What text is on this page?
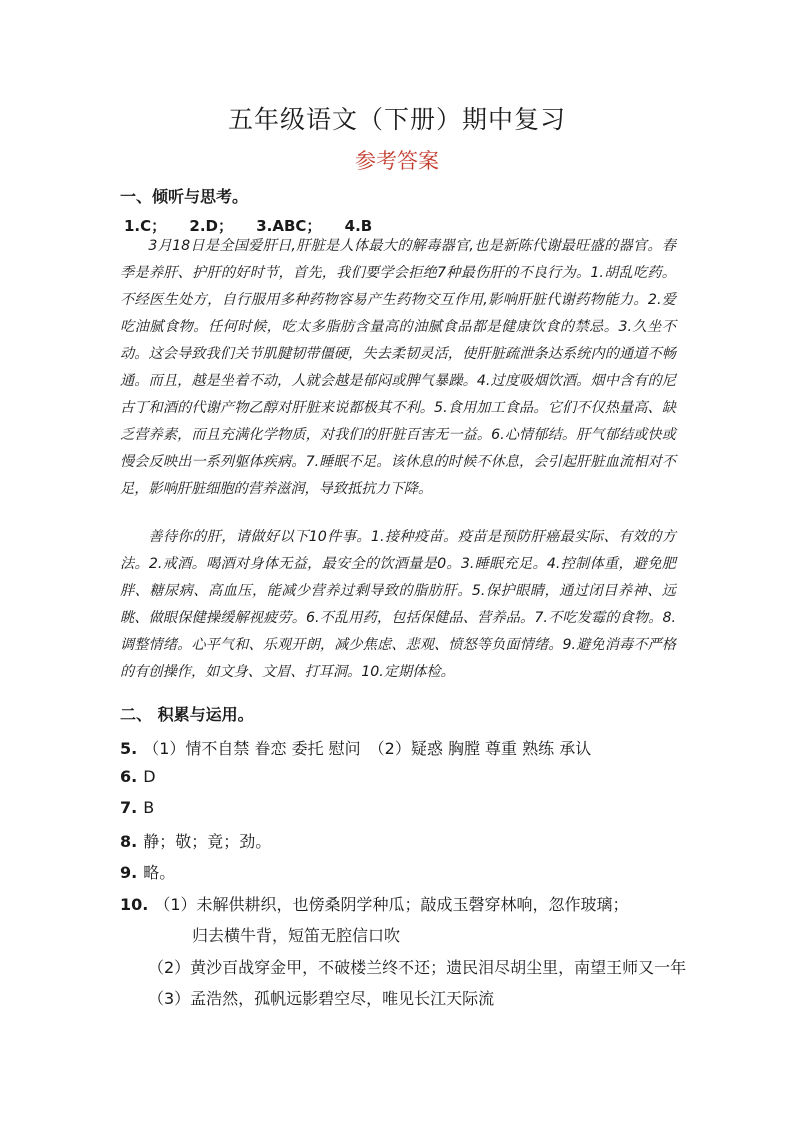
五年级语文（下册）期中复习
参考答案
一、倾听与思考。
1.C； 2.D； 3.ABC； 4.B

3月18日是全国爱肝日,肝脏是人体最大的解毒器官,也是新陈代谢最旺盛的器官。春季是养肝、护肝的好时节，首先，我们要学会拒绝7种最伤肝的不良行为。1.胡乱吃药。不经医生处方，自行服用多种药物容易产生药物交互作用,影响肝脏代谢药物能力。2.爱吃油腻食物。任何时候，吃太多脂肪含量高的油腻食品都是健康饮食的禁忌。3.久坐不动。这会导致我们关节肌腱韧带僵硬，失去柔韧灵活，使肝脏疏泄条达系统内的通道不畅通。而且，越是坐着不动，人就会越是郁闷或脾气暴躁。4.过度吸烟饮酒。烟中含有的尼古丁和酒的代谢产物乙醇对肝脏来说都极其不利。5.食用加工食品。它们不仅热量高、缺乏营养素，而且充满化学物质，对我们的肝脏百害无一益。6.心情郁结。肝气郁结或快或慢会反映出一系列躯体疾病。7.睡眠不足。该休息的时候不休息，会引起肝脏血流相对不足，影响肝脏细胞的营养滋润，导致抵抗力下降。

善待你的肝，请做好以下10件事。1.接种疫苗。疫苗是预防肝癌最实际、有效的方法。2.戒酒。喝酒对身体无益，最安全的饮酒量是0。3.睡眠充足。4.控制体重，避免肥胖、糖尿病、高血压，能减少营养过剩导致的脂肪肝。5.保护眼睛，通过闭目养神、远眺、做眼保健操缓解视疲劳。6.不乱用药，包括保健品、营养品。7.不吃发霉的食物。8.调整情绪。心平气和、乐观开朗，减少焦虑、悲观、愤怒等负面情绪。9.避免消毒不严格的有创操作，如文身、文眉、打耳洞。10.定期体检。

二、 积累与运用。
5. （1）情不自禁 眷恋 委托 慰问 （2）疑惑 胸膛 尊重 熟练 承认
6. D
7. B
8. 静；敬；竟；劲。
9. 略。
10. （1）未解供耕织，也傍桑阴学种瓜；敲成玉磬穿林响，忽作玻璃；
归去横牛背，短笛无腔信口吹
（2）黄沙百战穿金甲，不破楼兰终不还；遗民泪尽胡尘里，南望王师又一年
（3）孟浩然，孤帆远影碧空尽，唯见长江天际流
